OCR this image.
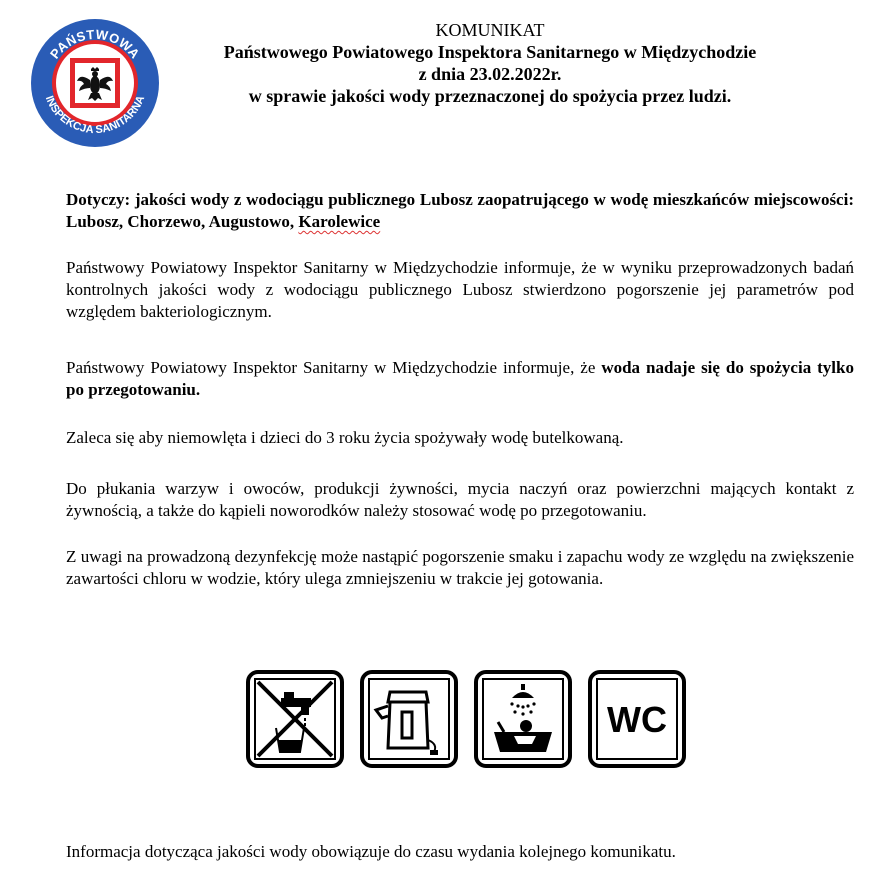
PAŃSTWOWA
INSPEKCJA SANITARNA
KOMUNIKAT
Państwowego Powiatowego Inspektora Sanitarnego w Międzychodzie
z dnia 23.02.2022r.
w sprawie jakości wody przeznaczonej do spożycia przez ludzi.
Dotyczy: jakości wody z wodociągu publicznego Lubosz zaopatrującego w wodę mieszkańców miejscowości: Lubosz, Chorzewo, Augustowo, Karolewice
Państwowy Powiatowy Inspektor Sanitarny w Międzychodzie informuje, że w wyniku przeprowadzonych badań kontrolnych jakości wody z wodociągu publicznego Lubosz stwierdzono pogorszenie jej parametrów pod względem bakteriologicznym.
Państwowy Powiatowy Inspektor Sanitarny w Międzychodzie informuje, że woda nadaje się do spożycia tylko po przegotowaniu.
Zaleca się aby niemowlęta i dzieci do 3 roku życia spożywały wodę butelkowaną.
Do płukania warzyw i owoców, produkcji żywności, mycia naczyń oraz powierzchni mających kontakt z żywnością, a także do kąpieli noworodków należy stosować wodę po przegotowaniu.
Z uwagi na prowadzoną dezynfekcję może nastąpić pogorszenie smaku i zapachu wody ze względu na zwiększenie zawartości chloru w wodzie, który ulega zmniejszeniu w trakcie jej gotowania.
WC
Informacja dotycząca jakości wody obowiązuje do czasu wydania kolejnego komunikatu.
